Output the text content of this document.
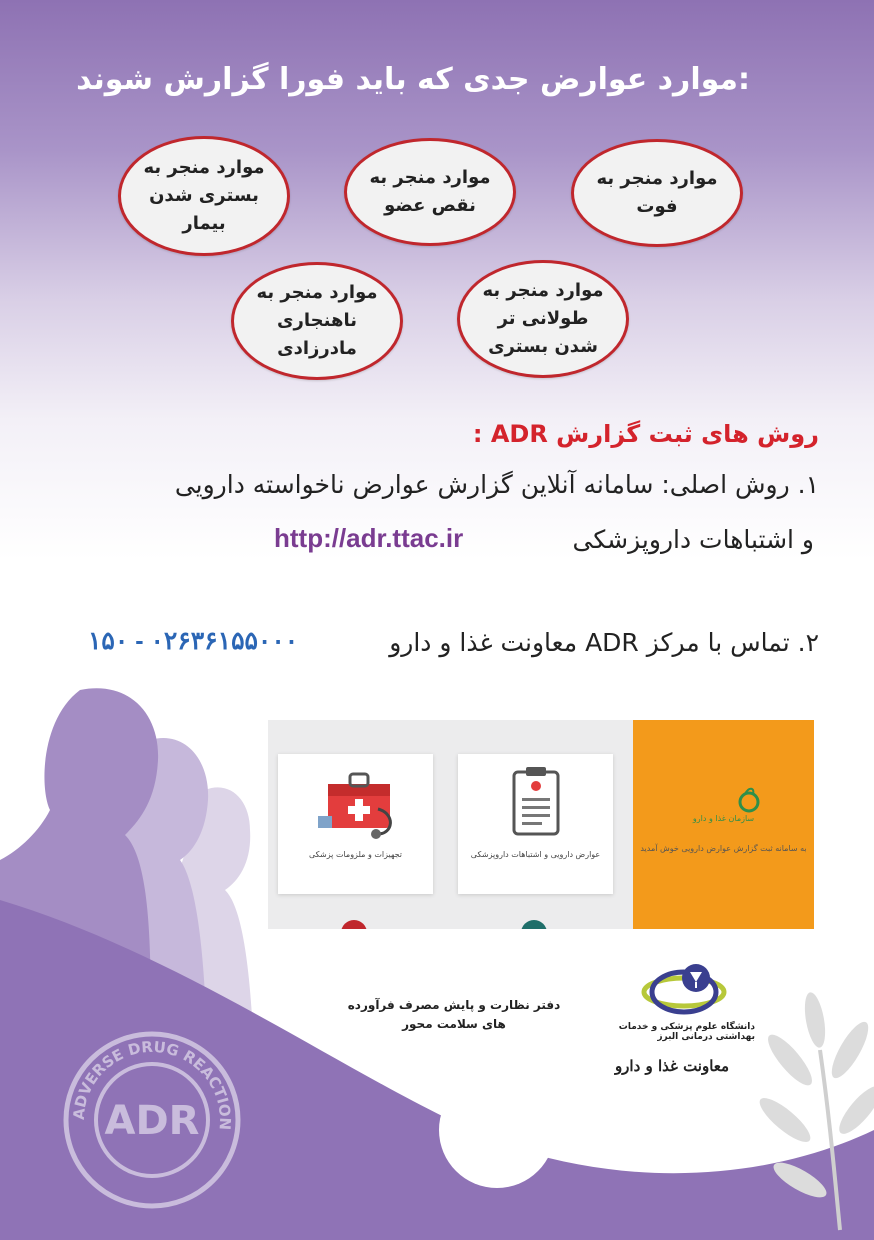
موارد عوارض جدی که باید فورا گزارش شوند:
موارد منجر به فوت
موارد منجر به نقص عضو
موارد منجر به بستری شدن بیمار
موارد منجر به طولانی تر شدن بستری
موارد منجر به ناهنجاری مادرزادی
روش های ثبت گزارش ADR :
۱. روش اصلی: سامانه آنلاین گزارش عوارض ناخواسته دارویی
و اشتباهات داروپزشکی
http://adr.ttac.ir
۲. تماس با مرکز ADR معاونت غذا و دارو
۱۵۰ - ۰۲۶۳۶۱۵۵۰۰۰
تجهیزات و ملزومات پزشکی	عوارض دارویی و اشتباهات داروپزشکی
سازمان غذا و دارو
به سامانه ثبت گزارش عوارض دارویی خوش آمدید
دفتر نظارت و پایش مصرف فرآورده های سلامت محور	دانشگاه علوم پزشکی و خدمات بهداشتی درمانی البرز
معاونت غذا و دارو
ADVERSE DRUG REACTION
ADR
